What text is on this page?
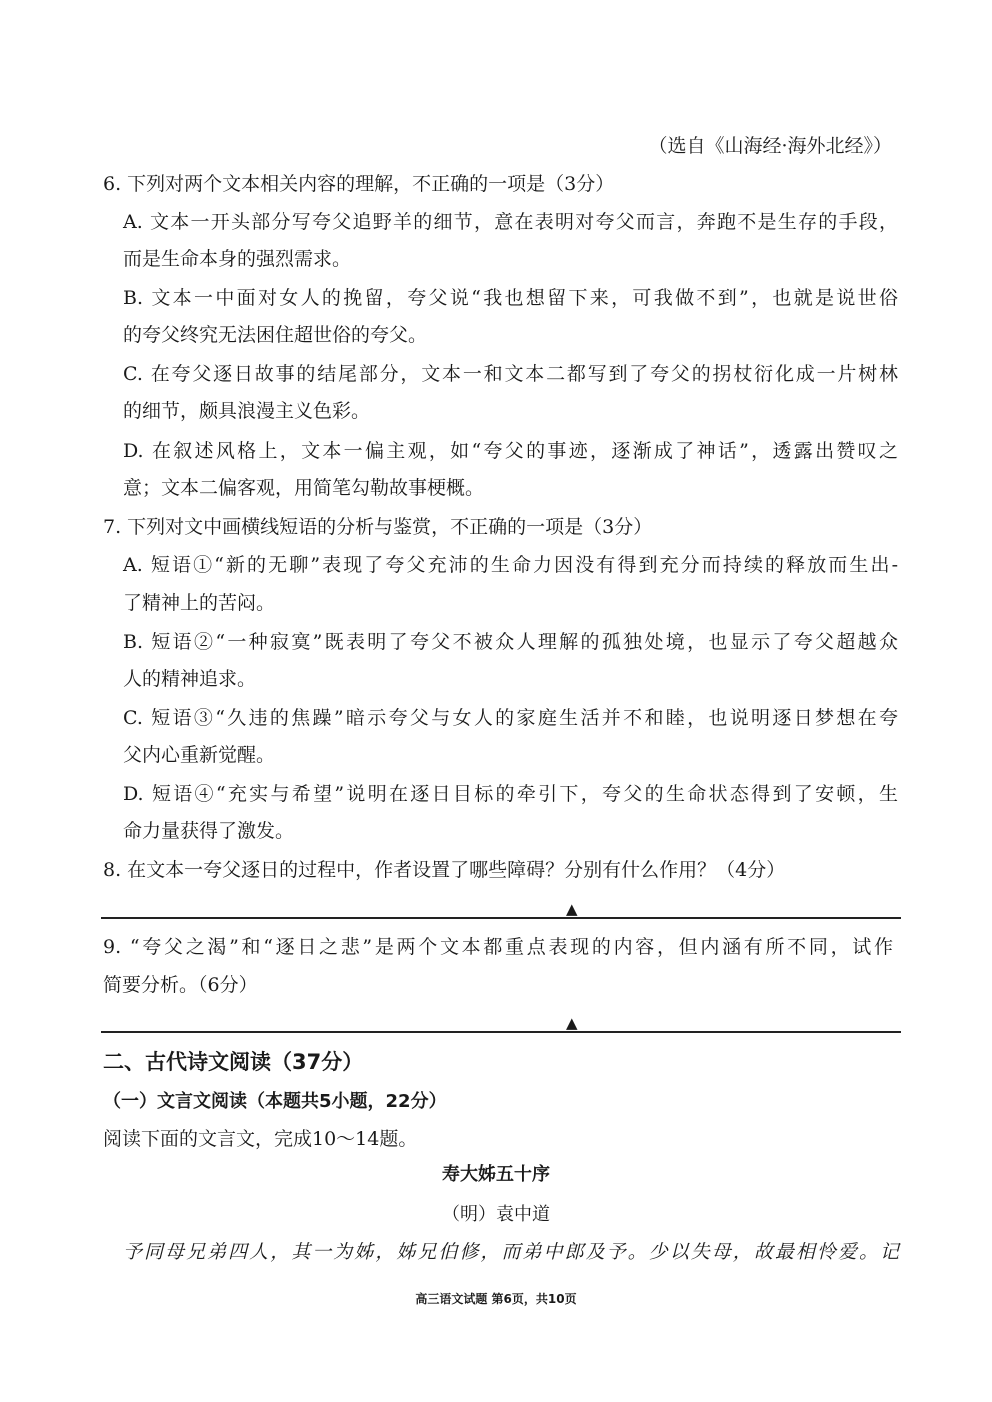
（选自《山海经·海外北经》）
6. 下列对两个文本相关内容的理解，不正确的一项是（3分）
A. 文本一开头部分写夸父追野羊的细节，意在表明对夸父而言，奔跑不是生存的手段，
而是生命本身的强烈需求。
B. 文本一中面对女人的挽留，夸父说“我也想留下来，可我做不到”，也就是说世俗
的夸父终究无法困住超世俗的夸父。
C. 在夸父逐日故事的结尾部分，文本一和文本二都写到了夸父的拐杖衍化成一片树林
的细节，颇具浪漫主义色彩。
D. 在叙述风格上，文本一偏主观，如“夸父的事迹，逐渐成了神话”，透露出赞叹之
意；文本二偏客观，用简笔勾勒故事梗概。
7. 下列对文中画横线短语的分析与鉴赏，不正确的一项是（3分）
A. 短语①“新的无聊”表现了夸父充沛的生命力因没有得到充分而持续的释放而生出-
了精神上的苦闷。
B. 短语②“一种寂寞”既表明了夸父不被众人理解的孤独处境，也显示了夸父超越众
人的精神追求。
C. 短语③“久违的焦躁”暗示夸父与女人的家庭生活并不和睦，也说明逐日梦想在夸
父内心重新觉醒。
D. 短语④“充实与希望”说明在逐日目标的牵引下，夸父的生命状态得到了安顿，生
命力量获得了激发。
8. 在文本一夸父逐日的过程中，作者设置了哪些障碍？分别有什么作用？（4分）
▲
9. “夸父之渴”和“逐日之悲”是两个文本都重点表现的内容，但内涵有所不同，试作
简要分析。（6分）
▲
二、古代诗文阅读（37分）
（一）文言文阅读（本题共5小题，22分）
阅读下面的文言文，完成10～14题。
寿大姊五十序
（明）袁中道
予同母兄弟四人，其一为姊，姊兄伯修，而弟中郎及予。少以失母，故最相怜爱。记
高三语文试题 第6页，共10页
